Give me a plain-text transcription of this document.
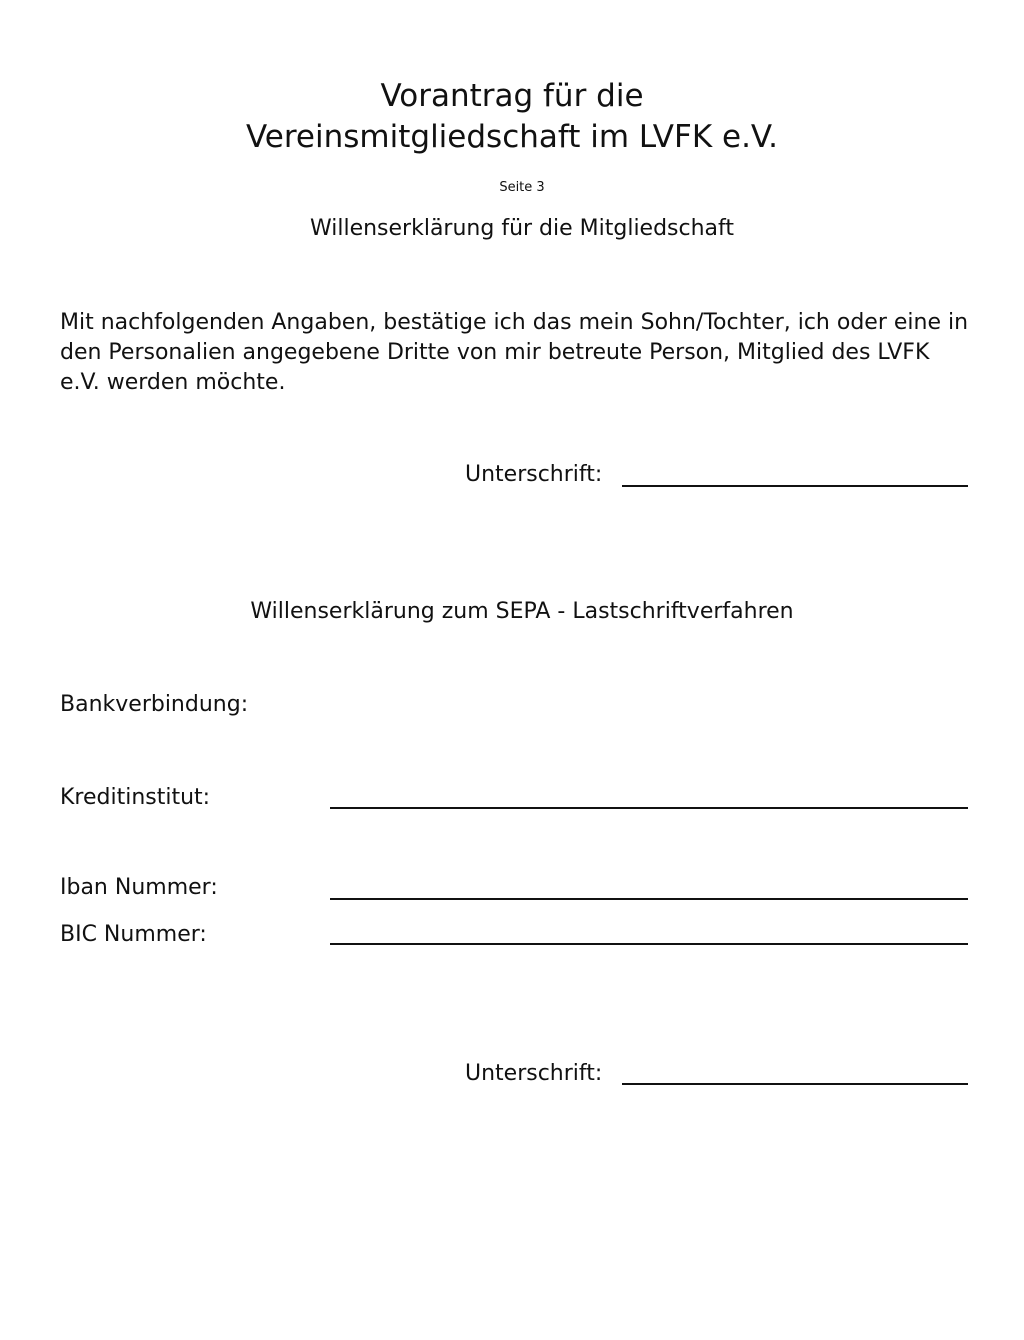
Vorantrag für die
Vereinsmitgliedschaft im LVFK e.V.
Seite 3
Willenserklärung für die Mitgliedschaft
Mit nachfolgenden Angaben, bestätige ich das mein Sohn/Tochter, ich oder eine in
den Personalien angegebene Dritte von mir betreute Person, Mitglied des LVFK
e.V. werden möchte.
Unterschrift:
Willenserklärung zum SEPA - Lastschriftverfahren
Bankverbindung:
Kreditinstitut:
Iban Nummer:
BIC Nummer:
Unterschrift:
